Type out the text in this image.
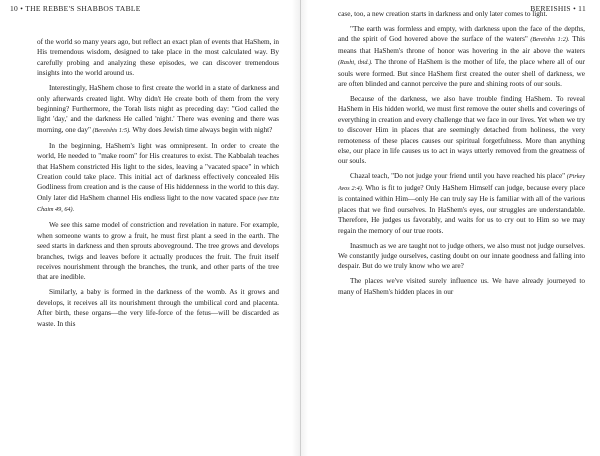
10 • THE REBBE'S SHABBOS TABLE

of the world so many years ago, but reflect an exact plan of events that HaShem, in His tremendous wisdom, designed to take place in the most calculated way. By carefully probing and analyzing these episodes, we can discover tremendous insights into the world around us.

Interestingly, HaShem chose to first create the world in a state of darkness and only afterwards created light. Why didn't He create both of them from the very beginning? Furthermore, the Torah lists night as preceding day: "God called the light 'day,' and the darkness He called 'night.' There was evening and there was morning, one day" (Bereishis 1:5). Why does Jewish time always begin with night?

In the beginning, HaShem's light was omnipresent. In order to create the world, He needed to "make room" for His creatures to exist. The Kabbalah teaches that HaShem constricted His light to the sides, leaving a "vacated space" in which Creation could take place. This initial act of darkness effectively concealed His Godliness from creation and is the cause of His hiddenness in the world to this day. Only later did HaShem channel His endless light to the now vacated space (see Eitz Chaim 49, 64).

We see this same model of constriction and revelation in nature. For example, when someone wants to grow a fruit, he must first plant a seed in the earth. The seed starts in darkness and then sprouts aboveground. The tree grows and develops branches, twigs and leaves before it actually produces the fruit. The fruit itself receives nourishment through the branches, the trunk, and other parts of the tree that are inedible.

Similarly, a baby is formed in the darkness of the womb. As it grows and develops, it receives all its nourishment through the umbilical cord and placenta. After birth, these organs—the very life-force of the fetus—will be discarded as waste. In this

BEREISHIS • 11

case, too, a new creation starts in darkness and only later comes to light.

"The earth was formless and empty, with darkness upon the face of the depths, and the spirit of God hovered above the surface of the waters" (Bereishis 1:2). This means that HaShem's throne of honor was hovering in the air above the waters (Rashi, ibid.). The throne of HaShem is the mother of life, the place where all of our souls were formed. But since HaShem first created the outer shell of darkness, we are often blinded and cannot perceive the pure and shining roots of our souls.

Because of the darkness, we also have trouble finding HaShem. To reveal HaShem in His hidden world, we must first remove the outer shells and coverings of everything in creation and every challenge that we face in our lives. Yet when we try to discover Him in places that are seemingly detached from holiness, the very remoteness of these places causes our spiritual forgetfulness. More than anything else, our place in life causes us to act in ways utterly removed from the greatness of our souls.

Chazal teach, "Do not judge your friend until you have reached his place" (Pirkey Avos 2:4). Who is fit to judge? Only HaShem Himself can judge, because every place is contained within Him—only He can truly say He is familiar with all of the various places that we find ourselves. In HaShem's eyes, our struggles are understandable. Therefore, He judges us favorably, and waits for us to cry out to Him so we may regain the memory of our true roots.

Inasmuch as we are taught not to judge others, we also must not judge ourselves. We constantly judge ourselves, casting doubt on our innate goodness and falling into despair. But do we truly know who we are?

The places we've visited surely influence us. We have already journeyed to many of HaShem's hidden places in our
